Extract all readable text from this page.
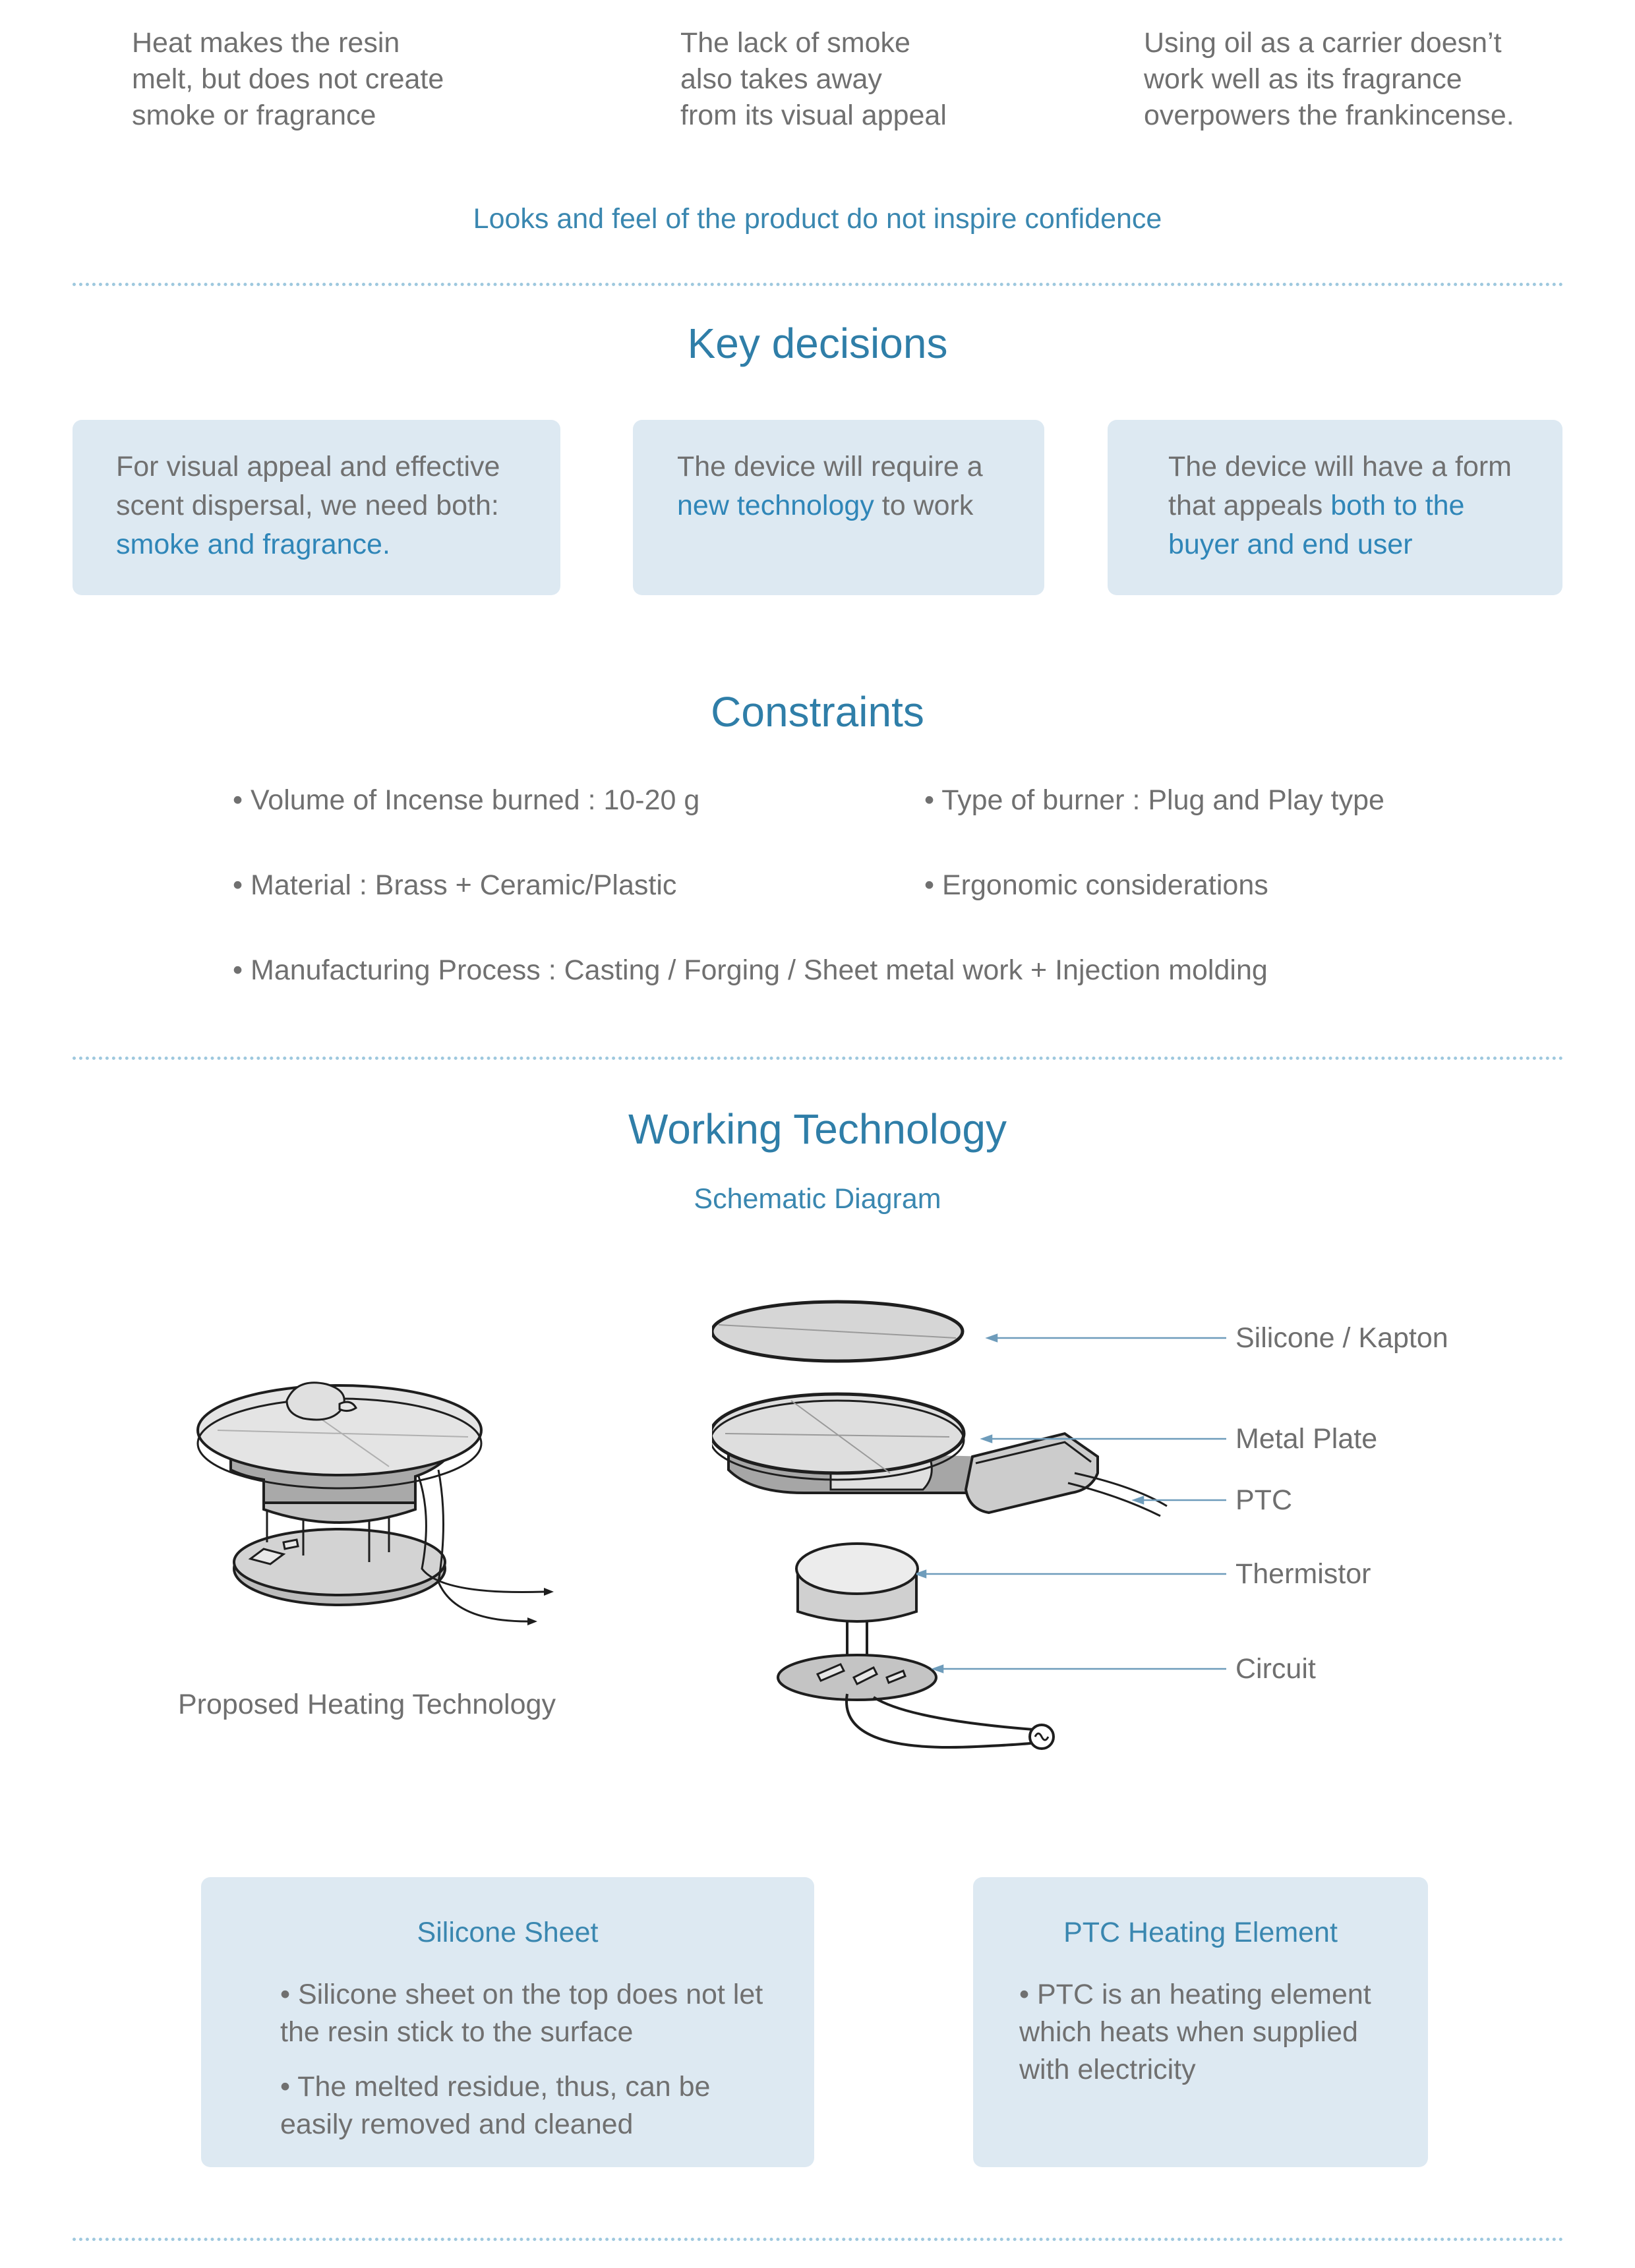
Heat makes the resin
melt, but does not create
smoke or fragrance
The lack of smoke
also takes away
from its visual appeal
Using oil as a carrier doesn’t
work well as its fragrance
overpowers the frankincense.
Looks and feel of the product do not inspire confidence
Key decisions
For visual appeal and effective scent dispersal, we need both: smoke and fragrance.
The device will require a new technology to work
The device will have a form that appeals both to the buyer and end user
Constraints
• Volume of Incense burned : 10-20 g	• Type of burner : Plug and Play type
• Material : Brass + Ceramic/Plastic	• Ergonomic considerations
• Manufacturing Process : Casting / Forging / Sheet metal work + Injection molding
Working Technology
Schematic Diagram
Proposed Heating Technology
Silicone / Kapton
Metal Plate
PTC
Thermistor
Circuit
Silicone Sheet
• Silicone sheet on the top does not let the resin stick to the surface
• The melted residue, thus, can be easily removed and cleaned
PTC Heating Element
• PTC is an heating element which heats when supplied with electricity
